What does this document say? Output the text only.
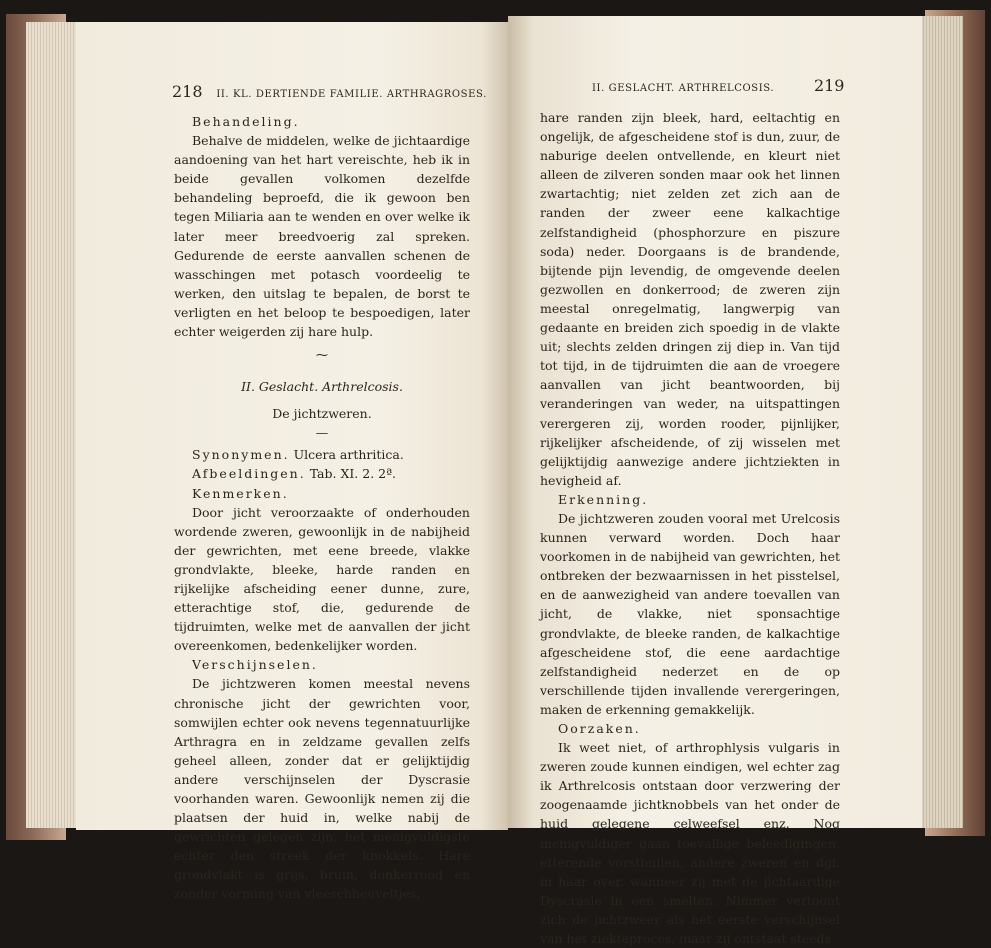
218 II. KL. DERTIENDE FAMILIE. ARTHRAGROSES.

Behandeling.

Behalve de middelen, welke de jichtaardige aandoening van het hart vereischte, heb ik in beide gevallen volkomen dezelfde behandeling beproefd, die ik gewoon ben tegen Miliaria aan te wenden en over welke ik later meer breedvoerig zal spreken. Gedurende de eerste aanvallen schenen de wasschingen met potasch voordeelig te werken, den uitslag te bepalen, de borst te verligten en het beloop te bespoedigen, later echter weigerden zij hare hulp.

⁓

II. Geslacht. Arthrelcosis.

De jichtzweren.

—

Synonymen. Ulcera arthritica.

Afbeeldingen. Tab. XI. 2. 2ª.

Kenmerken.

Door jicht veroorzaakte of onderhouden wordende zweren, gewoonlijk in de nabijheid der gewrichten, met eene breede, vlakke grondvlakte, bleeke, harde randen en rijkelijke afscheiding eener dunne, zure, etterachtige stof, die, gedurende de tijdruimten, welke met de aanvallen der jicht overeenkomen, bedenkelijker worden.

Verschijnselen.

De jichtzweren komen meestal nevens chronische jicht der gewrichten voor, somwijlen echter ook nevens tegennatuurlijke Arthragra en in zeldzame gevallen zelfs geheel alleen, zonder dat er gelijktijdig andere verschijnselen der Dyscrasie voorhanden waren. Gewoonlijk nemen zij die plaatsen der huid in, welke nabij de gewrichten gelegen zijn, het menigvuldigste echter den streek der knokkels. Hare grondvlakt is grijs, bruin, donkerrood en zonder vorming van vleeschheuveltjes,

II. GESLACHT. ARTHRELCOSIS. 219

hare randen zijn bleek, hard, eeltachtig en ongelijk, de afgescheidene stof is dun, zuur, de naburige deelen ontvellende, en kleurt niet alleen de zilveren sonden maar ook het linnen zwartachtig; niet zelden zet zich aan de randen der zweer eene kalkachtige zelfstandigheid (phosphorzure en piszure soda) neder. Doorgaans is de brandende, bijtende pijn levendig, de omgevende deelen gezwollen en donkerrood; de zweren zijn meestal onregelmatig, langwerpig van gedaante en breiden zich spoedig in de vlakte uit; slechts zelden dringen zij diep in. Van tijd tot tijd, in de tijdruimten die aan de vroegere aanvallen van jicht beantwoorden, bij veranderingen van weder, na uitspattingen verergeren zij, worden rooder, pijnlijker, rijkelijker afscheidende, of zij wisselen met gelijktijdig aanwezige andere jichtziekten in hevigheid af.

Erkenning.

De jichtzweren zouden vooral met Urelcosis kunnen verward worden. Doch haar voorkomen in de nabijheid van gewrichten, het ontbreken der bezwaarnissen in het pisstelsel, en de aanwezigheid van andere toevallen van jicht, de vlakke, niet sponsachtige grondvlakte, de bleeke randen, de kalkachtige afgescheidene stof, die eene aardachtige zelfstandigheid nederzet en de op verschillende tijden invallende verergeringen, maken de erkenning gemakkelijk.

Oorzaken.

Ik weet niet, of arthrophlysis vulgaris in zweren zoude kunnen eindigen, wel echter zag ik Arthrelcosis ontstaan door verzwering der zoogenaamde jichtknobbels van het onder de huid gelegene celweefsel enz. Nog menigvuldiger gaan toevallige beleedigingen, etterende vorstbuilen, andere zweren en dgl. in haar over, wanneer zij met de jichtaardige Dyscrasie in een smelten. Nimmer vertoont zich de jichtzweer als het eerste verschijnsel van het ziekteproces, maar zij ontstaat steeds
